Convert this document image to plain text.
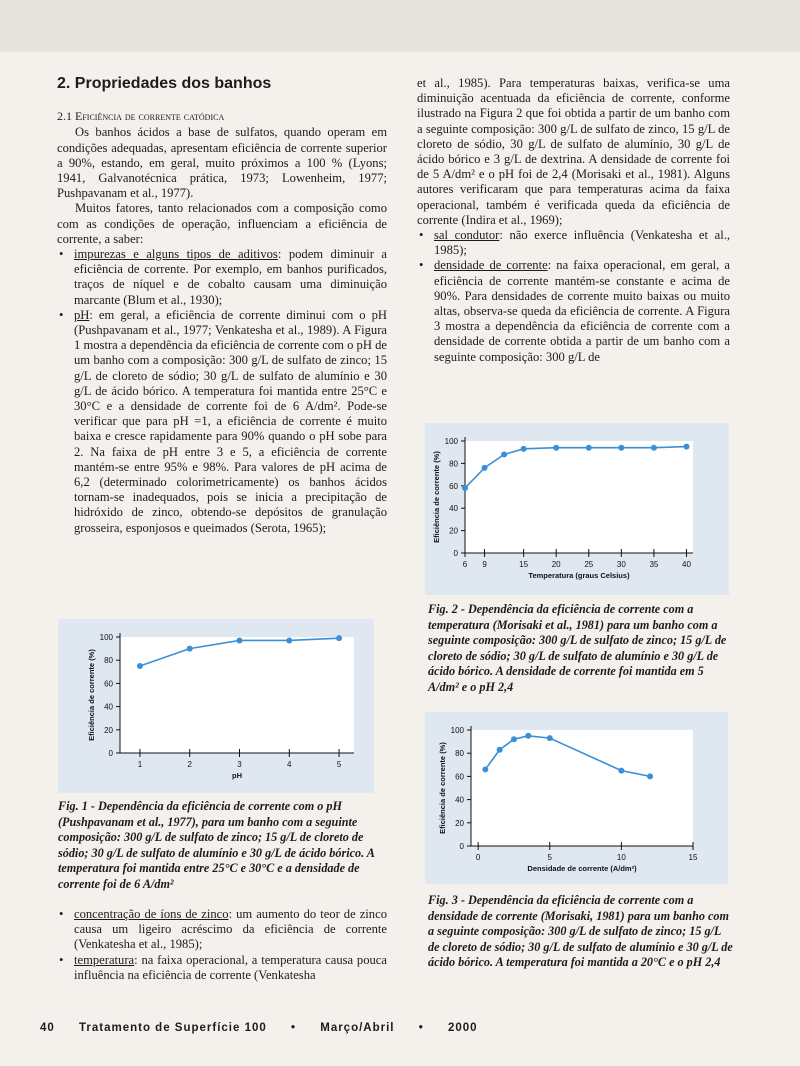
2. Propriedades dos banhos
2.1 Eficiência de corrente catódica

Os banhos ácidos a base de sulfatos, quando operam em condições adequadas, apresentam eficiência de corrente superior a 90%, estando, em geral, muito próximos a 100 % (Lyons; 1941, Galvanotécnica prática, 1973; Lowenheim, 1977; Pushpavanam et al., 1977).

Muitos fatores, tanto relacionados com a composição como com as condições de operação, influenciam a eficiência de corrente, a saber:

• impurezas e alguns tipos de aditivos: podem diminuir a eficiência de corrente. Por exemplo, em banhos purificados, traços de níquel e de cobalto causam uma diminuição marcante (Blum et al., 1930);
• pH: em geral, a eficiência de corrente diminui com o pH (Pushpavanam et al., 1977; Venkatesha et al., 1989). A Figura 1 mostra a dependência da eficiência de corrente com o pH de um banho com a composição: 300 g/L de sulfato de zinco; 15 g/L de cloreto de sódio; 30 g/L de sulfato de alumínio e 30 g/L de ácido bórico. A temperatura foi mantida entre 25°C e 30°C e a densidade de corrente foi de 6 A/dm². Pode-se verificar que para pH =1, a eficiência de corrente é muito baixa e cresce rapidamente para 90% quando o pH sobe para 2. Na faixa de pH entre 3 e 5, a eficiência de corrente mantém-se entre 95% e 98%. Para valores de pH acima de 6,2 (determinado colorimetricamente) os banhos ácidos tornam-se inadequados, pois se inicia a precipitação de hidróxido de zinco, obtendo-se depósitos de granulação grosseira, esponjosos e queimados (Serota, 1965);
• concentração de íons de zinco: um aumento do teor de zinco causa um ligeiro acréscimo da eficiência de corrente (Venkatesha et al., 1985);
• temperatura: na faixa operacional, a temperatura causa pouca influência na eficiência de corrente (Venkatesha

et al., 1985). Para temperaturas baixas, verifica-se uma diminuição acentuada da eficiência de corrente, conforme ilustrado na Figura 2 que foi obtida a partir de um banho com a seguinte composição: 300 g/L de sulfato de zinco, 15 g/L de cloreto de sódio, 30 g/L de sulfato de alumínio, 30 g/L de ácido bórico e 3 g/L de dextrina. A densidade de corrente foi de 5 A/dm² e o pH foi de 2,4 (Morisaki et al., 1981). Alguns autores verificaram que para temperaturas acima da faixa operacional, também é verificada queda da eficiência de corrente (Indira et al., 1969);

• sal condutor: não exerce influência (Venkatesha et al., 1985);
• densidade de corrente: na faixa operacional, em geral, a eficiência de corrente mantém-se constante e acima de 90%. Para densidades de corrente muito baixas ou muito altas, observa-se queda da eficiência de corrente. A Figura 3 mostra a dependência da eficiência de corrente com a densidade de corrente obtida a partir de um banho com a seguinte composição: 300 g/L de
0
20
40
60
80
100
1	2	3	4	5
pH
Eficiência de corrente (%)
0
20
40
60
80
100
6 9	15	20	25	30	35	40
Temperatura (graus Celsius)
Eficiência de corrente (%)
0
20
40
60
80
100
0	5	10	15
Densidade de corrente (A/dm²)
Eficiência de corrente (%)
Fig. 1 - Dependência da eficiência de corrente com o pH (Pushpavanam et al., 1977), para um banho com a seguinte composição: 300 g/L de sulfato de zinco; 15 g/L de cloreto de sódio; 30 g/L de sulfato de alumínio e 30 g/L de ácido bórico. A temperatura foi mantida entre 25°C e 30°C e a densidade de corrente foi de 6 A/dm²
Fig. 2 - Dependência da eficiência de corrente com a temperatura (Morisaki et al., 1981) para um banho com a seguinte composição: 300 g/L de sulfato de zinco; 15 g/L de cloreto de sódio; 30 g/L de sulfato de alumínio e 30 g/L de ácido bórico. A densidade de corrente foi mantida em 5 A/dm² e o pH 2,4
Fig. 3 - Dependência da eficiência de corrente com a densidade de corrente (Morisaki, 1981) para um banho com a seguinte composição: 300 g/L de sulfato de zinco; 15 g/L de cloreto de sódio; 30 g/L de sulfato de alumínio e 30 g/L de ácido bórico. A temperatura foi mantida a 20°C e o pH 2,4
40 Tratamento de Superfície 100 • Março/Abril • 2000
